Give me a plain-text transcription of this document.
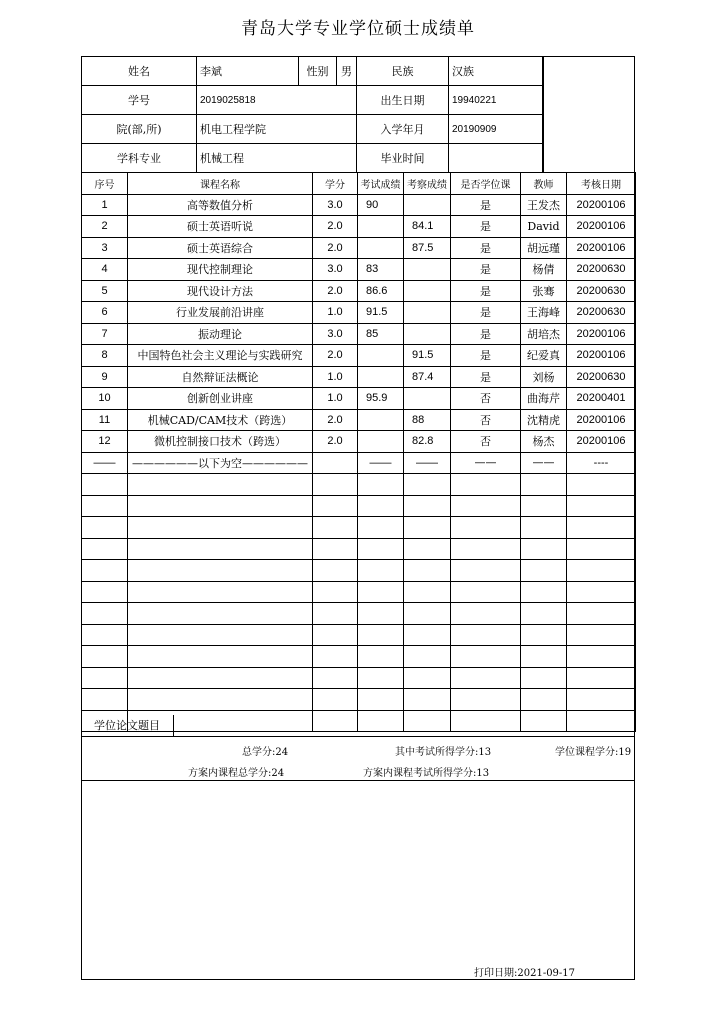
青岛大学专业学位硕士成绩单
姓名	李斌	性别	男	民族	汉族
学号	2019025818			出生日期	19940221
院(部,所)	机电工程学院			入学年月	20190909
学科专业	机械工程			毕业时间	
序号	课程名称	学分	考试成绩	考察成绩	是否学位课	教师	考核日期
1	高等数值分析	3.0	90		是	王发杰	20200106
2	硕士英语听说	2.0		84.1	是	David	20200106
3	硕士英语综合	2.0		87.5	是	胡远瑾	20200106
4	现代控制理论	3.0	83		是	杨倩	20200630
5	现代设计方法	2.0	86.6		是	张骞	20200630
6	行业发展前沿讲座	1.0	91.5		是	王海峰	20200630
7	振动理论	3.0	85		是	胡培杰	20200106
8	中国特色社会主义理论与实践研究	2.0		91.5	是	纪爱真	20200106
9	自然辩证法概论	1.0		87.4	是	刘杨	20200630
10	创新创业讲座	1.0	95.9		否	曲海芹	20200401
11	机械CAD/CAM技术（跨选）	2.0		88	否	沈精虎	20200106
12	微机控制接口技术（跨选）	2.0		82.8	否	杨杰	20200106
——	——————以下为空——————		——	——	——	——	----

学位论文题目
总学分:24	其中考试所得学分:13	学位课程学分:19
方案内课程总学分:24	方案内课程考试所得学分:13
打印日期:2021-09-17
